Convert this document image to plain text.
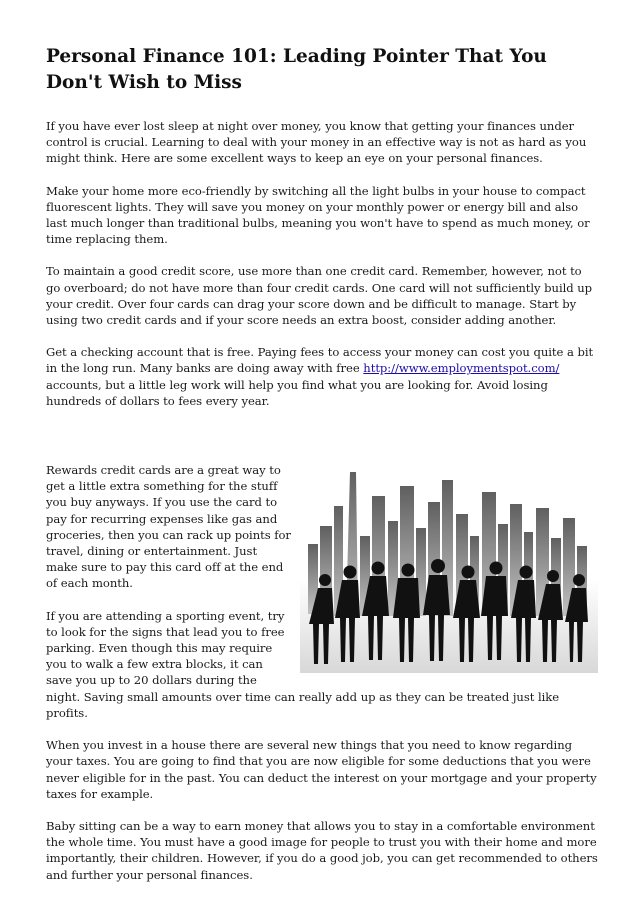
Personal Finance 101: Leading Pointer That You Don't Wish to Miss

If you have ever lost sleep at night over money, you know that getting your finances under control is crucial. Learning to deal with your money in an effective way is not as hard as you might think. Here are some excellent ways to keep an eye on your personal finances.

Make your home more eco-friendly by switching all the light bulbs in your house to compact fluorescent lights. They will save you money on your monthly power or energy bill and also last much longer than traditional bulbs, meaning you won't have to spend as much money, or time replacing them.

To maintain a good credit score, use more than one credit card. Remember, however, not to go overboard; do not have more than four credit cards. One card will not sufficiently build up your credit. Over four cards can drag your score down and be difficult to manage. Start by using two credit cards and if your score needs an extra boost, consider adding another.

Get a checking account that is free. Paying fees to access your money can cost you quite a bit in the long run. Many banks are doing away with free http://www.employmentspot.com/ accounts, but a little leg work will help you find what you are looking for. Avoid losing hundreds of dollars to fees every year.

Rewards credit cards are a great way to get a little extra something for the stuff you buy anyways. If you use the card to pay for recurring expenses like gas and groceries, then you can rack up points for travel, dining or entertainment. Just make sure to pay this card off at the end of each month.

If you are attending a sporting event, try to look for the signs that lead you to free parking. Even though this may require you to walk a few extra blocks, it can save you up to 20 dollars during the night. Saving small amounts over time can really add up as they can be treated just like profits.

When you invest in a house there are several new things that you need to know regarding your taxes. You are going to find that you are now eligible for some deductions that you were never eligible for in the past. You can deduct the interest on your mortgage and your property taxes for example.

Baby sitting can be a way to earn money that allows you to stay in a comfortable environment the whole time. You must have a good image for people to trust you with their home and more importantly, their children. However, if you do a good job, you can get recommended to others and further your personal finances.
